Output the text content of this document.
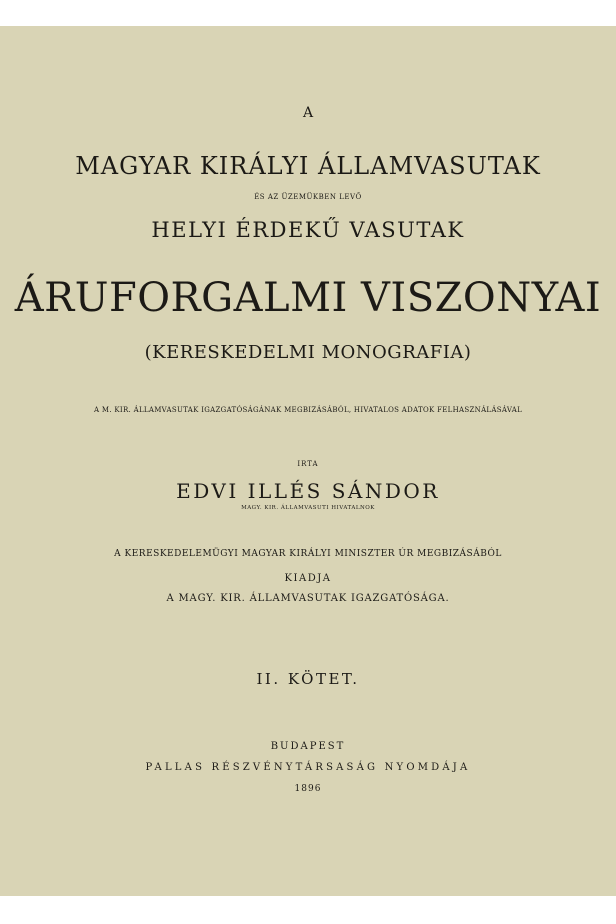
A
MAGYAR KIRÁLYI ÁLLAMVASUTAK
ÉS AZ ÜZEMÜKBEN LEVŐ
HELYI ÉRDEKŰ VASUTAK
ÁRUFORGALMI VISZONYAI
(KERESKEDELMI MONOGRAFIA)
A M. KIR. ÁLLAMVASUTAK IGAZGATÓSÁGÁNAK MEGBIZÁSÁBÓL, HIVATALOS ADATOK FELHASZNÁLÁSÁVAL
IRTA
EDVI ILLÉS SÁNDOR
MAGY. KIR. ÁLLAMVASUTI HIVATALNOK
A KERESKEDELEMÜGYI MAGYAR KIRÁLYI MINISZTER ÚR MEGBIZÁSÁBÓL
KIADJA
A MAGY. KIR. ÁLLAMVASUTAK IGAZGATÓSÁGA.
II. KÖTET.
BUDAPEST
PALLAS RÉSZVÉNYTÁRSASÁG NYOMDÁJA
1896
